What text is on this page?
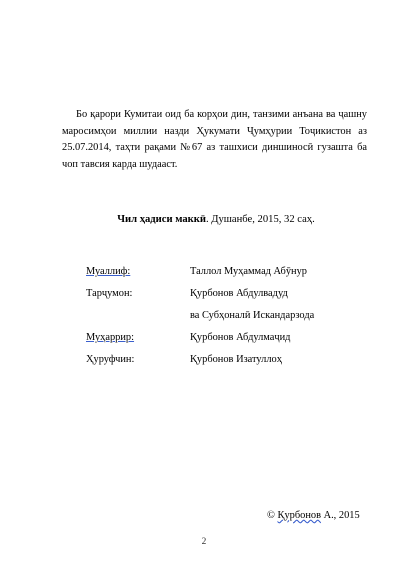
Бо қарори Кумитаи оид ба корҳои дин, танзими анъана ва ҷашну маросимҳои миллии назди Ҳукумати Ҷумҳурии Тоҷикистон аз 25.07.2014, таҳти рақами №67 аз ташхиси диншиносӣ гузашта ба чоп тавсия карда шудааст.

Чил ҳадиси маккӣ. Душанбе, 2015, 32 саҳ.
Муаллиф:	Таллол Муҳаммад Абӯнур
Тарҷумон:	Қурбонов Абдулвадуд
ва Субҳоналӣ Искандарзода
Муҳаррир:	Қурбонов Абдулмаҷид
Ҳуруфчин:	Қурбонов Изатуллоҳ
© Қурбонов А., 2015
2
